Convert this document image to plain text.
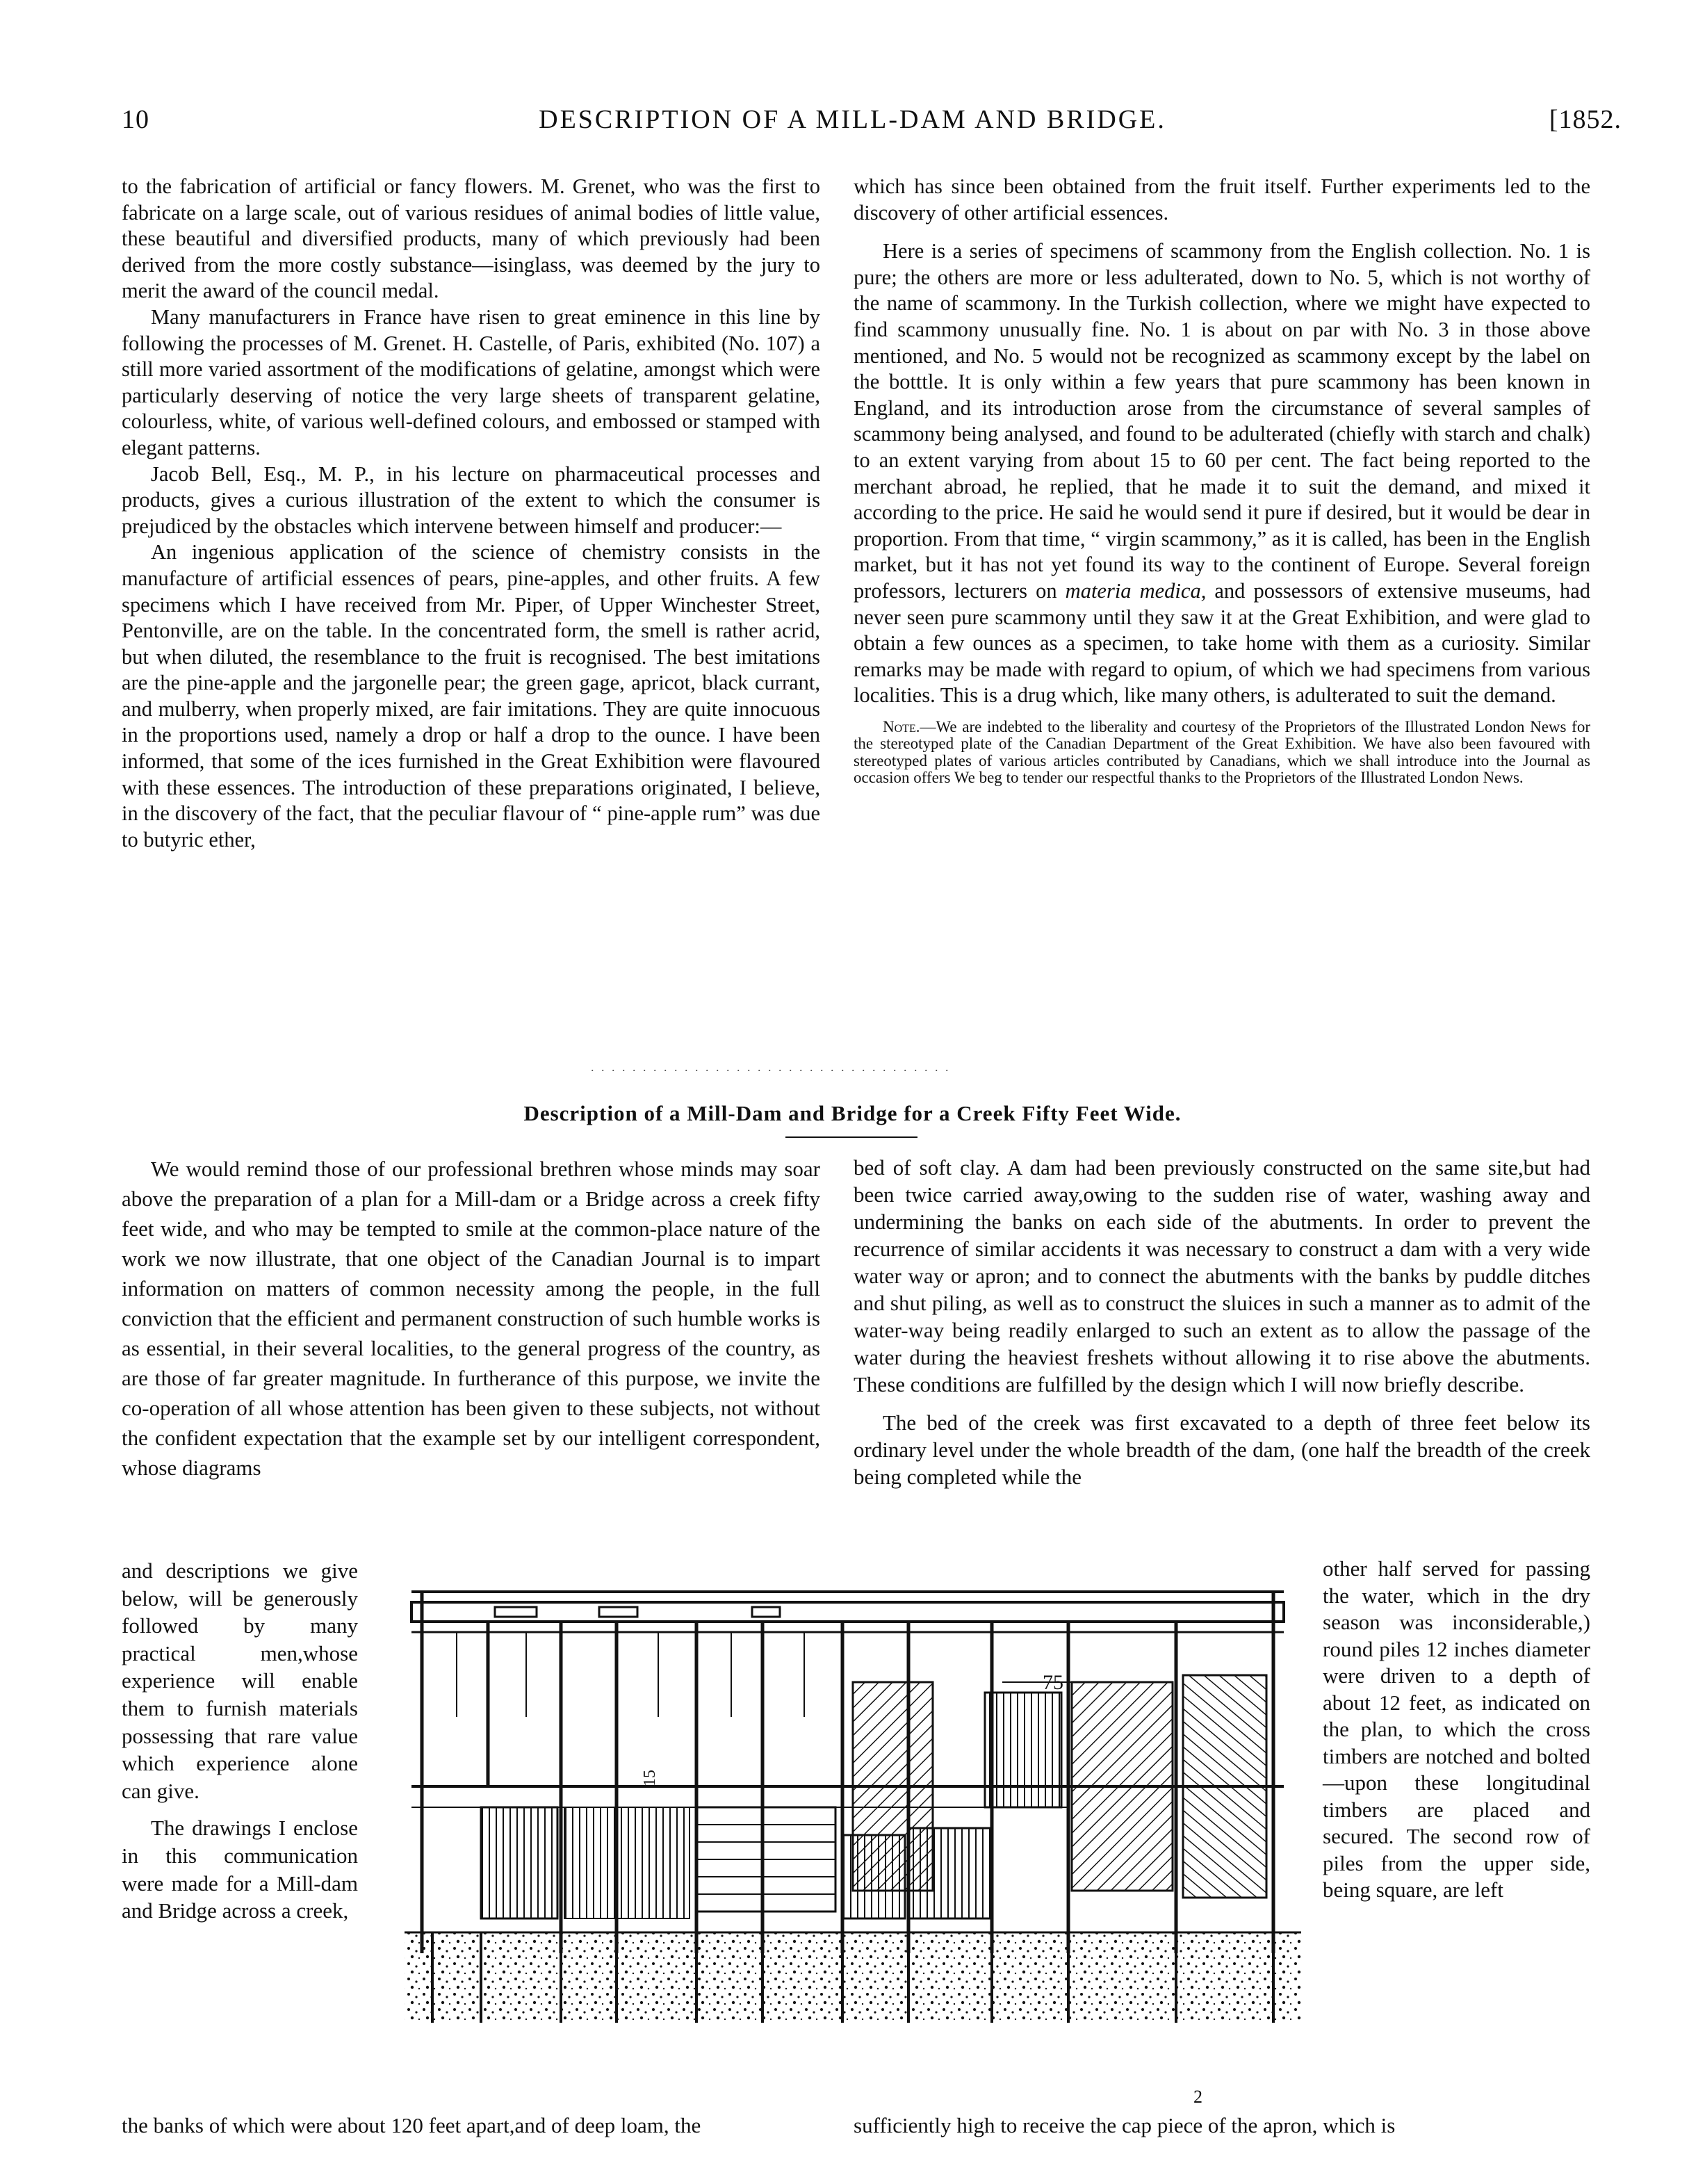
10	DESCRIPTION OF A MILL-DAM AND BRIDGE.	[1852.

to the fabrication of artificial or fancy flowers. M. Grenet, who was the first to fabricate on a large scale, out of various residues of animal bodies of little value, these beautiful and diversified products, many of which previously had been derived from the more costly substance—isinglass, was deemed by the jury to merit the award of the council medal.

Many manufacturers in France have risen to great eminence in this line by following the processes of M. Grenet. H. Castelle, of Paris, exhibited (No. 107) a still more varied assortment of the modifications of gelatine, amongst which were particularly deserving of notice the very large sheets of transparent gelatine, colourless, white, of various well-defined colours, and embossed or stamped with elegant patterns.

Jacob Bell, Esq., M. P., in his lecture on pharmaceutical processes and products, gives a curious illustration of the extent to which the consumer is prejudiced by the obstacles which intervene between himself and producer:—

An ingenious application of the science of chemistry consists in the manufacture of artificial essences of pears, pine-apples, and other fruits. A few specimens which I have received from Mr. Piper, of Upper Winchester Street, Pentonville, are on the table. In the concentrated form, the smell is rather acrid, but when diluted, the resemblance to the fruit is recognised. The best imitations are the pine-apple and the jargonelle pear; the green gage, apricot, black currant, and mulberry, when properly mixed, are fair imitations. They are quite innocuous in the proportions used, namely a drop or half a drop to the ounce. I have been informed, that some of the ices furnished in the Great Exhibition were flavoured with these essences. The introduction of these preparations originated, I believe, in the discovery of the fact, that the peculiar flavour of “ pine-apple rum” was due to butyric ether,

which has since been obtained from the fruit itself. Further experiments led to the discovery of other artificial essences.

Here is a series of specimens of scammony from the English collection. No. 1 is pure; the others are more or less adulterated, down to No. 5, which is not worthy of the name of scammony. In the Turkish collection, where we might have expected to find scammony unusually fine. No. 1 is about on par with No. 3 in those above mentioned, and No. 5 would not be recognized as scammony except by the label on the botttle. It is only within a few years that pure scammony has been known in England, and its introduction arose from the circumstance of several samples of scammony being analysed, and found to be adulterated (chiefly with starch and chalk) to an extent varying from about 15 to 60 per cent. The fact being reported to the merchant abroad, he replied, that he made it to suit the demand, and mixed it according to the price. He said he would send it pure if desired, but it would be dear in proportion. From that time, “ virgin scammony,” as it is called, has been in the English market, but it has not yet found its way to the continent of Europe. Several foreign professors, lecturers on materia medica, and possessors of extensive museums, had never seen pure scammony until they saw it at the Great Exhibition, and were glad to obtain a few ounces as a specimen, to take home with them as a curiosity. Similar remarks may be made with regard to opium, of which we had specimens from various localities. This is a drug which, like many others, is adulterated to suit the demand.

Note.—We are indebted to the liberality and courtesy of the Proprietors of the Illustrated London News for the stereotyped plate of the Canadian Department of the Great Exhibition. We have also been favoured with stereotyped plates of various articles contributed by Canadians, which we shall introduce into the Journal as occasion offers We beg to tender our respectful thanks to the Proprietors of the Illustrated London News.

. . . . . . . . . . . . . . . . . . . . . . . . . . . . . . . . . . .
Description of a Mill-Dam and Bridge for a Creek Fifty Feet Wide.

We would remind those of our professional brethren whose minds may soar above the preparation of a plan for a Mill-dam or a Bridge across a creek fifty feet wide, and who may be tempted to smile at the common-place nature of the work we now illustrate, that one object of the Canadian Journal is to impart information on matters of common necessity among the people, in the full conviction that the efficient and permanent construction of such humble works is as essential, in their several localities, to the general progress of the country, as are those of far greater magnitude. In furtherance of this purpose, we invite the co-operation of all whose attention has been given to these subjects, not without the confident expectation that the example set by our intelligent correspondent, whose diagrams

and descriptions we give below, will be generously followed by many practical men,whose experience will enable them to furnish materials possessing that rare value which experience alone can give.

The drawings I enclose in this communication were made for a Mill-dam and Bridge across a creek,

the banks of which were about 120 feet apart,and of deep loam, the

bed of soft clay. A dam had been previously constructed on the same site,but had been twice carried away,owing to the sudden rise of water, washing away and undermining the banks on each side of the abutments. In order to prevent the recurrence of similar accidents it was necessary to construct a dam with a very wide water way or apron; and to connect the abutments with the banks by puddle ditches and shut piling, as well as to construct the sluices in such a manner as to admit of the water-way being readily enlarged to such an extent as to allow the passage of the water during the heaviest freshets without allowing it to rise above the abutments. These conditions are fulfilled by the design which I will now briefly describe.

The bed of the creek was first excavated to a depth of three feet below its ordinary level under the whole breadth of the dam, (one half the breadth of the creek being completed while the

other half served for passing the water, which in the dry season was inconsiderable,) round piles 12 inches diameter were driven to a depth of about 12 feet, as indicated on the plan, to which the cross timbers are notched and bolted—upon these longitudinal timbers are placed and secured. The second row of piles from the upper side, being square, are left

sufficiently high to receive the cap piece of the apron, which is
75
15
2
